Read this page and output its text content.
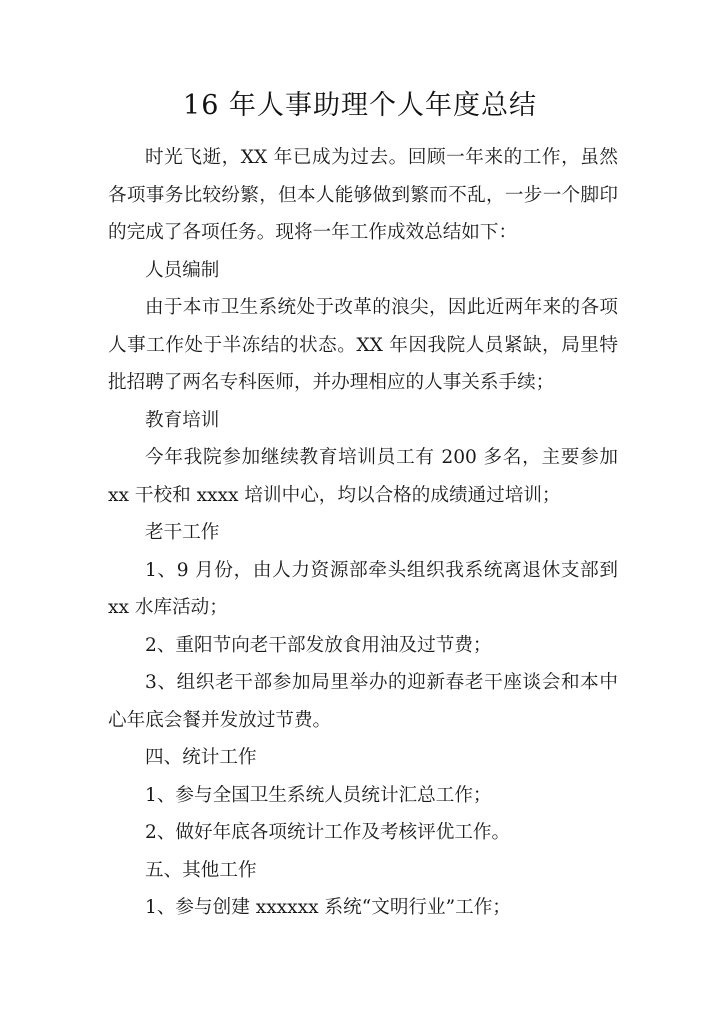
16 年人事助理个人年度总结

时光飞逝，XX 年已成为过去。回顾一年来的工作，虽然各项事务比较纷繁，但本人能够做到繁而不乱，一步一个脚印的完成了各项任务。现将一年工作成效总结如下：

人员编制

由于本市卫生系统处于改革的浪尖，因此近两年来的各项人事工作处于半冻结的状态。XX 年因我院人员紧缺，局里特批招聘了两名专科医师，并办理相应的人事关系手续；

教育培训

今年我院参加继续教育培训员工有 200 多名，主要参加 xx 干校和 xxxx 培训中心，均以合格的成绩通过培训；

老干工作

1、9 月份，由人力资源部牵头组织我系统离退休支部到 xx 水库活动；

2、重阳节向老干部发放食用油及过节费；

3、组织老干部参加局里举办的迎新春老干座谈会和本中心年底会餐并发放过节费。

四、统计工作

1、参与全国卫生系统人员统计汇总工作；

2、做好年底各项统计工作及考核评优工作。

五、其他工作

1、参与创建 xxxxxx 系统“文明行业”工作；
